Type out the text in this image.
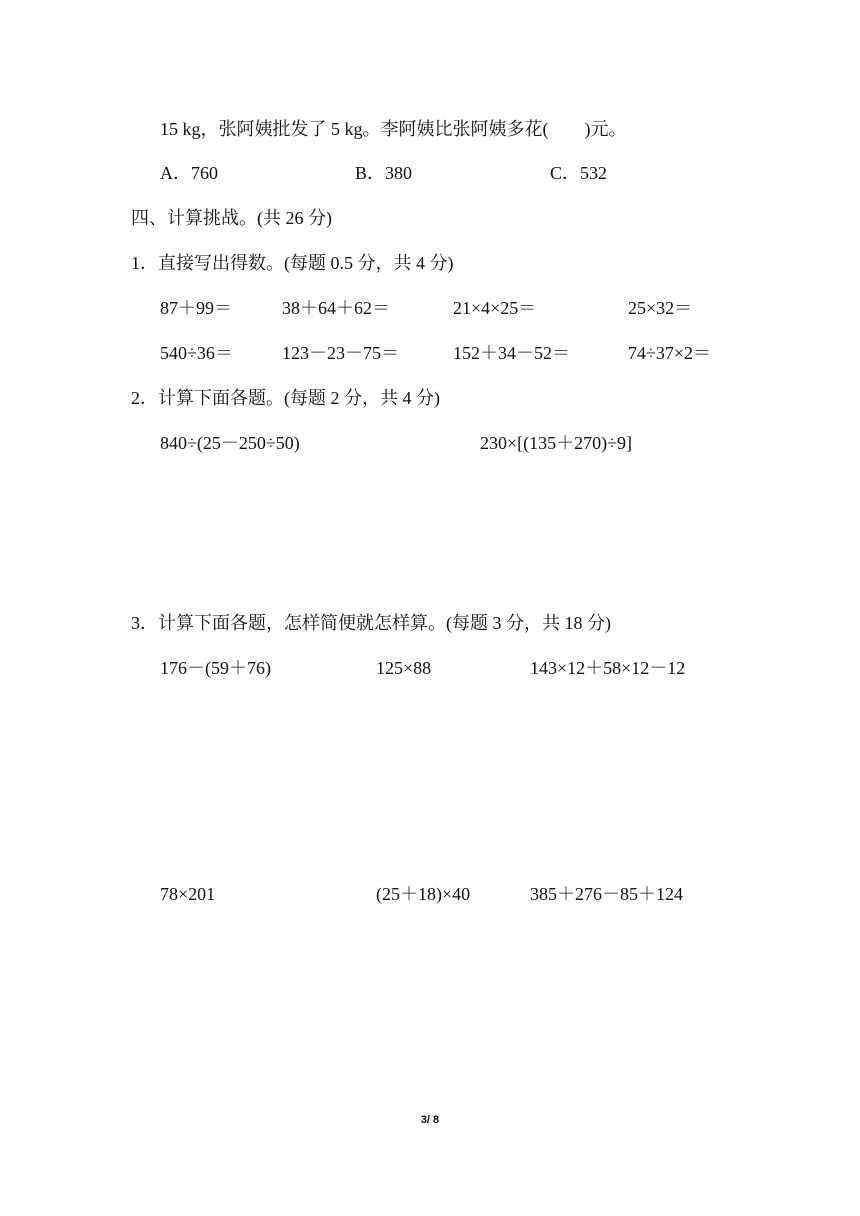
15 kg，张阿姨批发了 5 kg。李阿姨比张阿姨多花(　　)元。
A．760	B．380	C．532
四、计算挑战。(共 26 分)
1．直接写出得数。(每题 0.5 分，共 4 分)
87＋99＝	38＋64＋62＝	21×4×25＝	25×32＝
540÷36＝	123－23－75＝	152＋34－52＝	74÷37×2＝
2．计算下面各题。(每题 2 分，共 4 分)
840÷(25－250÷50)	230×[(135＋270)÷9]
3．计算下面各题，怎样简便就怎样算。(每题 3 分，共 18 分)
176－(59＋76)	125×88	143×12＋58×12－12
78×201	(25＋18)×40	385＋276－85＋124
3/ 8
